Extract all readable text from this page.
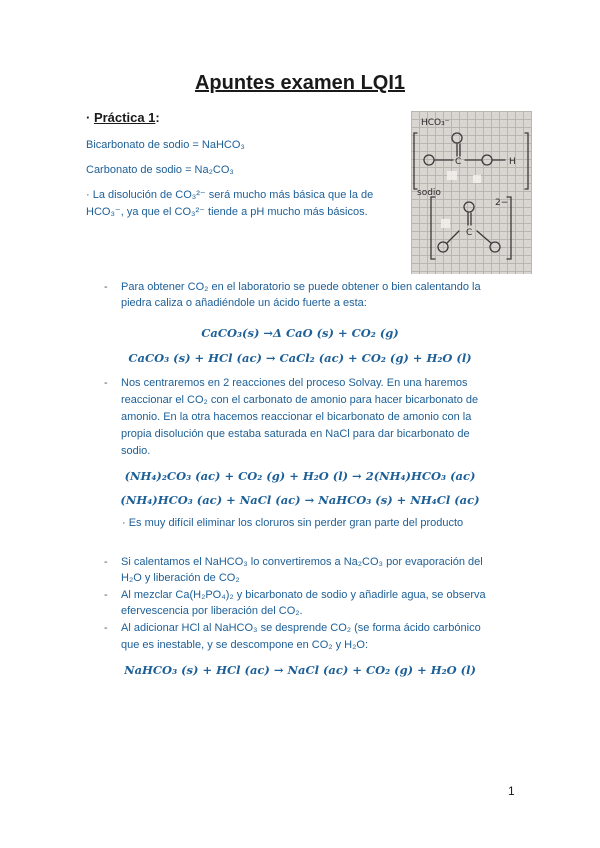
Apuntes examen LQI1
· Práctica 1:
Bicarbonato de sodio = NaHCO₃
Carbonato de sodio = Na₂CO₃
· La disolución de CO₃²⁻ será mucho más básica que la de
HCO₃⁻, ya que el CO₃²⁻ tiende a pH mucho más básicos.
HCO₃⁻
C	H
sodio
2−
C
- Para obtener CO₂ en el laboratorio se puede obtener o bien calentando la
piedra caliza o añadiéndole un ácido fuerte a esta:
CaCO₃(s) →Δ CaO (s) + CO₂ (g)
CaCO₃ (s) + HCl (ac) → CaCl₂ (ac) + CO₂ (g) + H₂O (l)
- Nos centraremos en 2 reacciones del proceso Solvay. En una haremos
reaccionar el CO₂ con el carbonato de amonio para hacer bicarbonato de
amonio. En la otra hacemos reaccionar el bicarbonato de amonio con la
propia disolución que estaba saturada en NaCl para dar bicarbonato de
sodio.
(NH₄)₂CO₃ (ac) + CO₂ (g) + H₂O (l) → 2(NH₄)HCO₃ (ac)
(NH₄)HCO₃ (ac) + NaCl (ac) → NaHCO₃ (s) + NH₄Cl (ac)
· Es muy difícil eliminar los cloruros sin perder gran parte del producto
- Si calentamos el NaHCO₃ lo convertiremos a Na₂CO₃ por evaporación del
H₂O y liberación de CO₂
- Al mezclar Ca(H₂PO₄)₂ y bicarbonato de sodio y añadirle agua, se observa
efervescencia por liberación del CO₂.
- Al adicionar HCl al NaHCO₃ se desprende CO₂ (se forma ácido carbónico
que es inestable, y se descompone en CO₂ y H₂O:
NaHCO₃ (s) + HCl (ac) → NaCl (ac) + CO₂ (g) + H₂O (l)
1
